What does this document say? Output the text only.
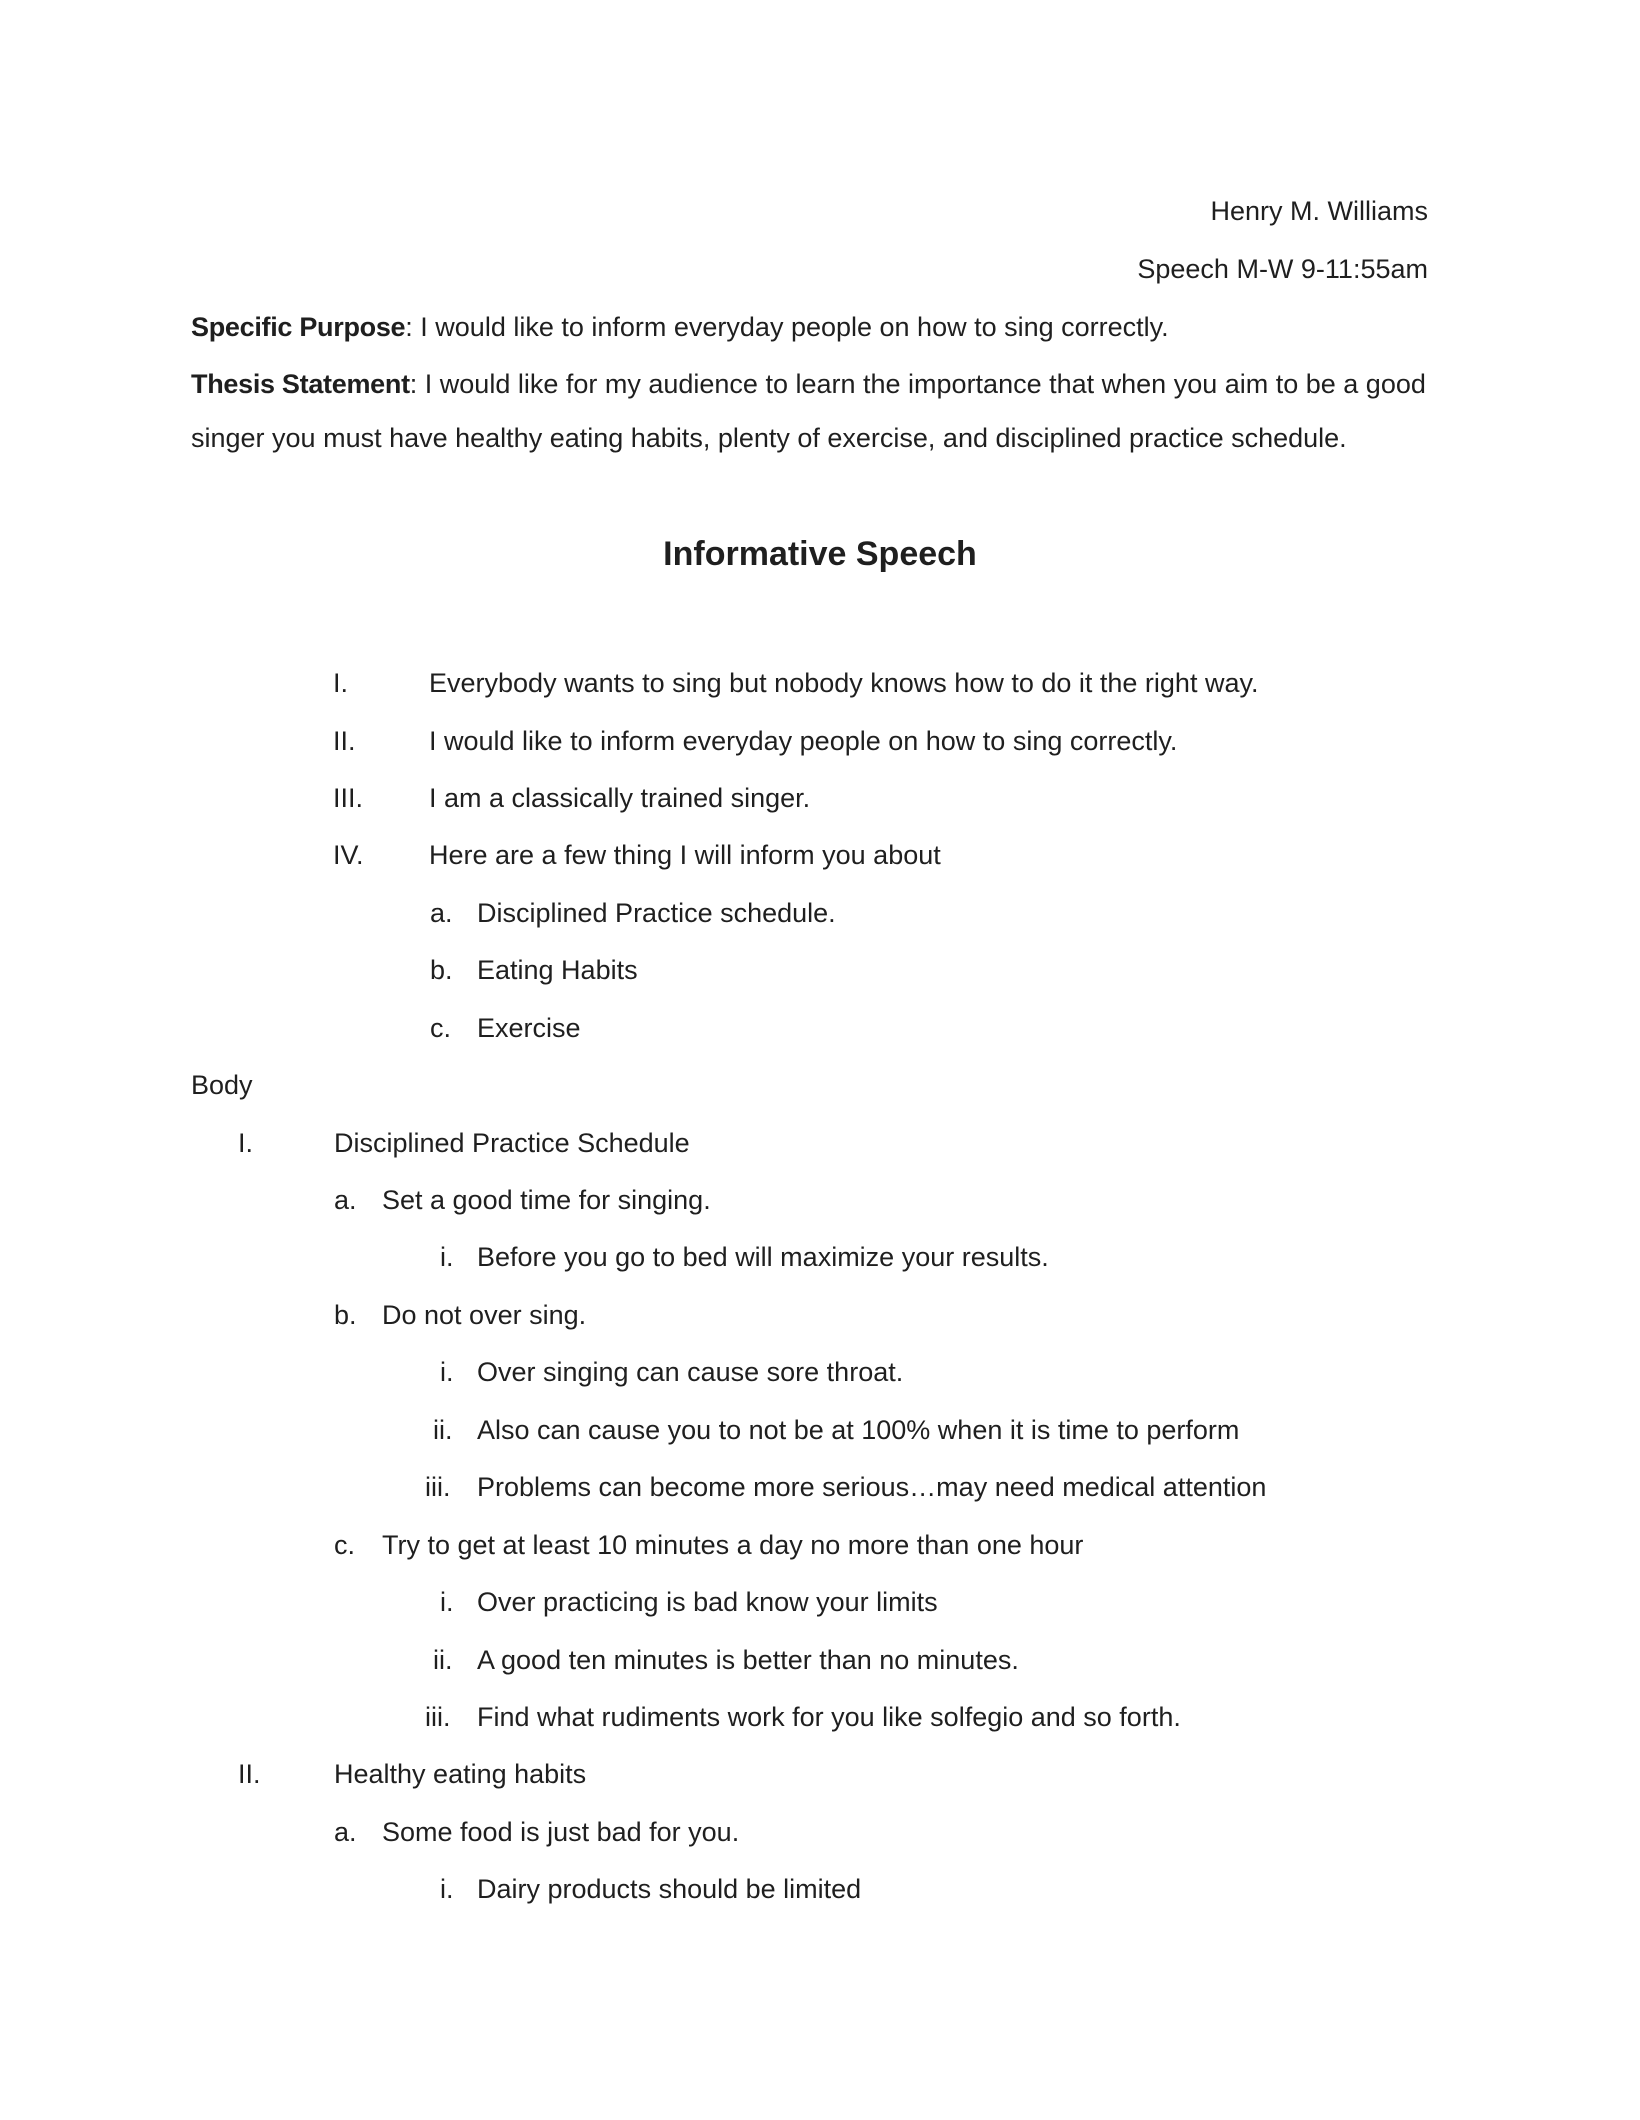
Henry M. Williams
Speech M-W 9-11:55am
Specific Purpose: I would like to inform everyday people on how to sing correctly.
Thesis Statement: I would like for my audience to learn the importance that when you aim to be a good
singer you must have healthy eating habits, plenty of exercise, and disciplined practice schedule.
Informative Speech
I.	Everybody wants to sing but nobody knows how to do it the right way.
II.	I would like to inform everyday people on how to sing correctly.
III. I am a classically trained singer.
IV. Here are a few thing I will inform you about
a. Disciplined Practice schedule.
b. Eating Habits
c. Exercise
Body
I.	Disciplined Practice Schedule
a. Set a good time for singing.
i. Before you go to bed will maximize your results.
b. Do not over sing.
i. Over singing can cause sore throat.
ii. Also can cause you to not be at 100% when it is time to perform
iii. Problems can become more serious…may need medical attention
c. Try to get at least 10 minutes a day no more than one hour
i. Over practicing is bad know your limits
ii. A good ten minutes is better than no minutes.
iii. Find what rudiments work for you like solfegio and so forth.
II.	Healthy eating habits
a. Some food is just bad for you.
i. Dairy products should be limited
